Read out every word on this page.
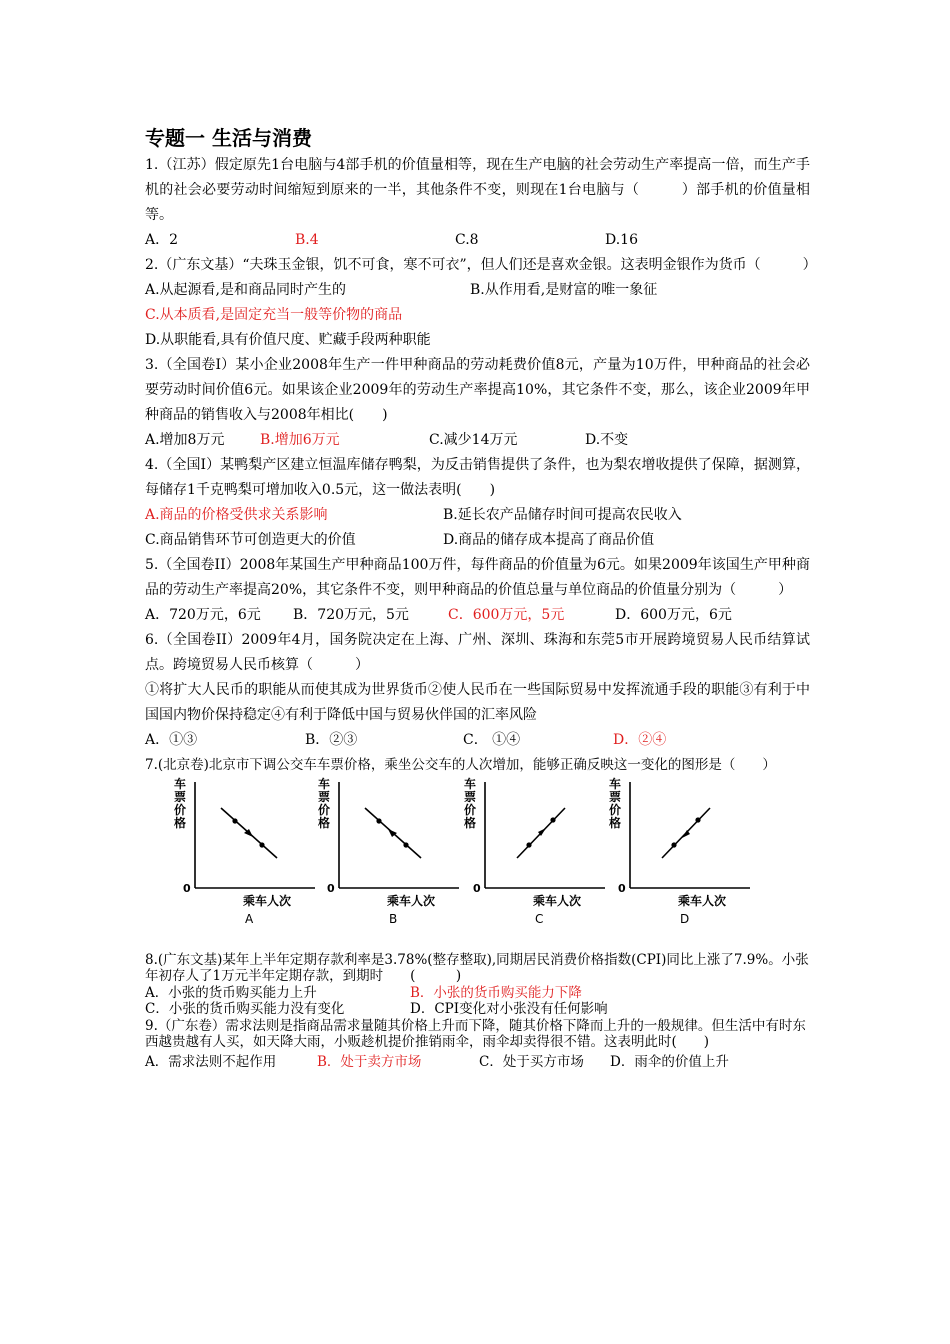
专题一 生活与消费

1.（江苏）假定原先1台电脑与4部手机的价值量相等，现在生产电脑的社会劳动生产率提高一倍，而生产手机的社会必要劳动时间缩短到原来的一半，其他条件不变，则现在1台电脑与（　　　）部手机的价值量相等。

A．2	B.4	C.8	D.16

2.（广东文基）“夫珠玉金银，饥不可食，寒不可衣”，但人们还是喜欢金银。这表明金银作为货币（　　　）

A.从起源看,是和商品同时产生的	B.从作用看,是财富的唯一象征

C.从本质看,是固定充当一般等价物的商品

D.从职能看,具有价值尺度、贮藏手段两种职能

3.（全国卷I）某小企业2008年生产一件甲种商品的劳动耗费价值8元，产量为10万件，甲种商品的社会必要劳动时间价值6元。如果该企业2009年的劳动生产率提高10%，其它条件不变，那么，该企业2009年甲种商品的销售收入与2008年相比(　　)

A.增加8万元	B.增加6万元	C.减少14万元	D.不变

4.（全国I）某鸭梨产区建立恒温库储存鸭梨，为反击销售提供了条件，也为梨农增收提供了保障，据测算，每储存1千克鸭梨可增加收入0.5元，这一做法表明(　　)

A.商品的价格受供求关系影响	B.延长农产品储存时间可提高农民收入
C.商品销售环节可创造更大的价值	D.商品的储存成本提高了商品价值

5.（全国卷II）2008年某国生产甲种商品100万件，每件商品的价值量为6元。如果2009年该国生产甲种商品的劳动生产率提高20%，其它条件不变，则甲种商品的价值总量与单位商品的价值量分别为（　　　）

A．720万元，6元 B．720万元，5元	C．600万元，5元	D．600万元，6元

6.（全国卷II）2009年4月，国务院决定在上海、广州、深圳、珠海和东莞5市开展跨境贸易人民币结算试点。跨境贸易人民币核算（　　　）

①将扩大人民币的职能从而使其成为世界货币②使人民币在一些国际贸易中发挥流通手段的职能③有利于中国国内物价保持稳定④有利于降低中国与贸易伙伴国的汇率风险

A．①③	B．②③	C． ①④	D．②④

7.(北京卷)北京市下调公交车车票价格，乘坐公交车的人次增加，能够正确反映这一变化的图形是（　　）

车票价格
0
乘车人次
A
车票价格
0
乘车人次
B
车票价格
0
乘车人次
C
车票价格
0
乘车人次
D

8.(广东文基)某年上半年定期存款利率是3.78%(整存整取),同期居民消费价格指数(CPI)同比上涨了7.9%。小张年初存人了1万元半年定期存款，到期时　　(　　　)

A．小张的货币购买能力上升	B．小张的货币购买能力下降
C．小张的货币购买能力没有变化	D．CPI变化对小张没有任何影响

9.（广东卷）需求法则是指商品需求量随其价格上升而下降，随其价格下降而上升的一般规律。但生活中有时东西越贵越有人买，如天降大雨，小贩趁机提价推销雨伞，雨伞却卖得很不错。这表明此时(　　)

A．需求法则不起作用	B．处于卖方市场	C．处于买方市场 D．雨伞的价值上升
